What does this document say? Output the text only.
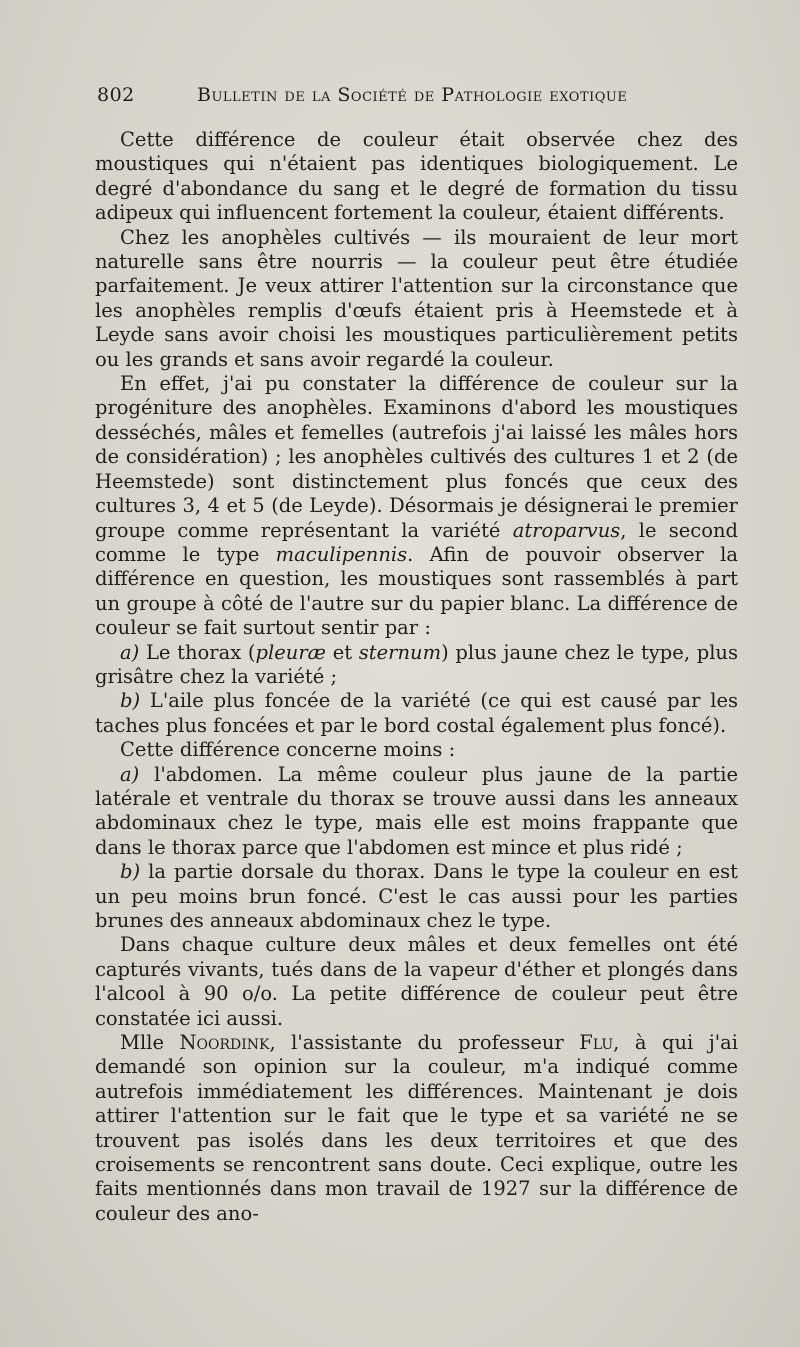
802	Bulletin de la Société de Pathologie exotique

Cette différence de couleur était observée chez des moustiques qui n'étaient pas identiques biologiquement. Le degré d'abondance du sang et le degré de formation du tissu adipeux qui influencent fortement la couleur, étaient différents.

Chez les anophèles cultivés — ils mouraient de leur mort naturelle sans être nourris — la couleur peut être étudiée parfaitement. Je veux attirer l'attention sur la circonstance que les anophèles remplis d'œufs étaient pris à Heemstede et à Leyde sans avoir choisi les moustiques particulièrement petits ou les grands et sans avoir regardé la couleur.

En effet, j'ai pu constater la différence de couleur sur la progéniture des anophèles. Examinons d'abord les moustiques desséchés, mâles et femelles (autrefois j'ai laissé les mâles hors de considération) ; les anophèles cultivés des cultures 1 et 2 (de Heemstede) sont distinctement plus foncés que ceux des cultures 3, 4 et 5 (de Leyde). Désormais je désignerai le premier groupe comme représentant la variété atroparvus, le second comme le type maculipennis. Afin de pouvoir observer la différence en question, les moustiques sont rassemblés à part un groupe à côté de l'autre sur du papier blanc. La différence de couleur se fait surtout sentir par :

a) Le thorax (pleuræ et sternum) plus jaune chez le type, plus grisâtre chez la variété ;

b) L'aile plus foncée de la variété (ce qui est causé par les taches plus foncées et par le bord costal également plus foncé).

Cette différence concerne moins :

a) l'abdomen. La même couleur plus jaune de la partie latérale et ventrale du thorax se trouve aussi dans les anneaux abdominaux chez le type, mais elle est moins frappante que dans le thorax parce que l'abdomen est mince et plus ridé ;

b) la partie dorsale du thorax. Dans le type la couleur en est un peu moins brun foncé. C'est le cas aussi pour les parties brunes des anneaux abdominaux chez le type.

Dans chaque culture deux mâles et deux femelles ont été capturés vivants, tués dans de la vapeur d'éther et plongés dans l'alcool à 90 o/o. La petite différence de couleur peut être constatée ici aussi.

Mlle Noordink, l'assistante du professeur Flu, à qui j'ai demandé son opinion sur la couleur, m'a indiqué comme autrefois immédiatement les différences. Maintenant je dois attirer l'attention sur le fait que le type et sa variété ne se trouvent pas isolés dans les deux territoires et que des croisements se rencontrent sans doute. Ceci explique, outre les faits mentionnés dans mon travail de 1927 sur la différence de couleur des ano-
